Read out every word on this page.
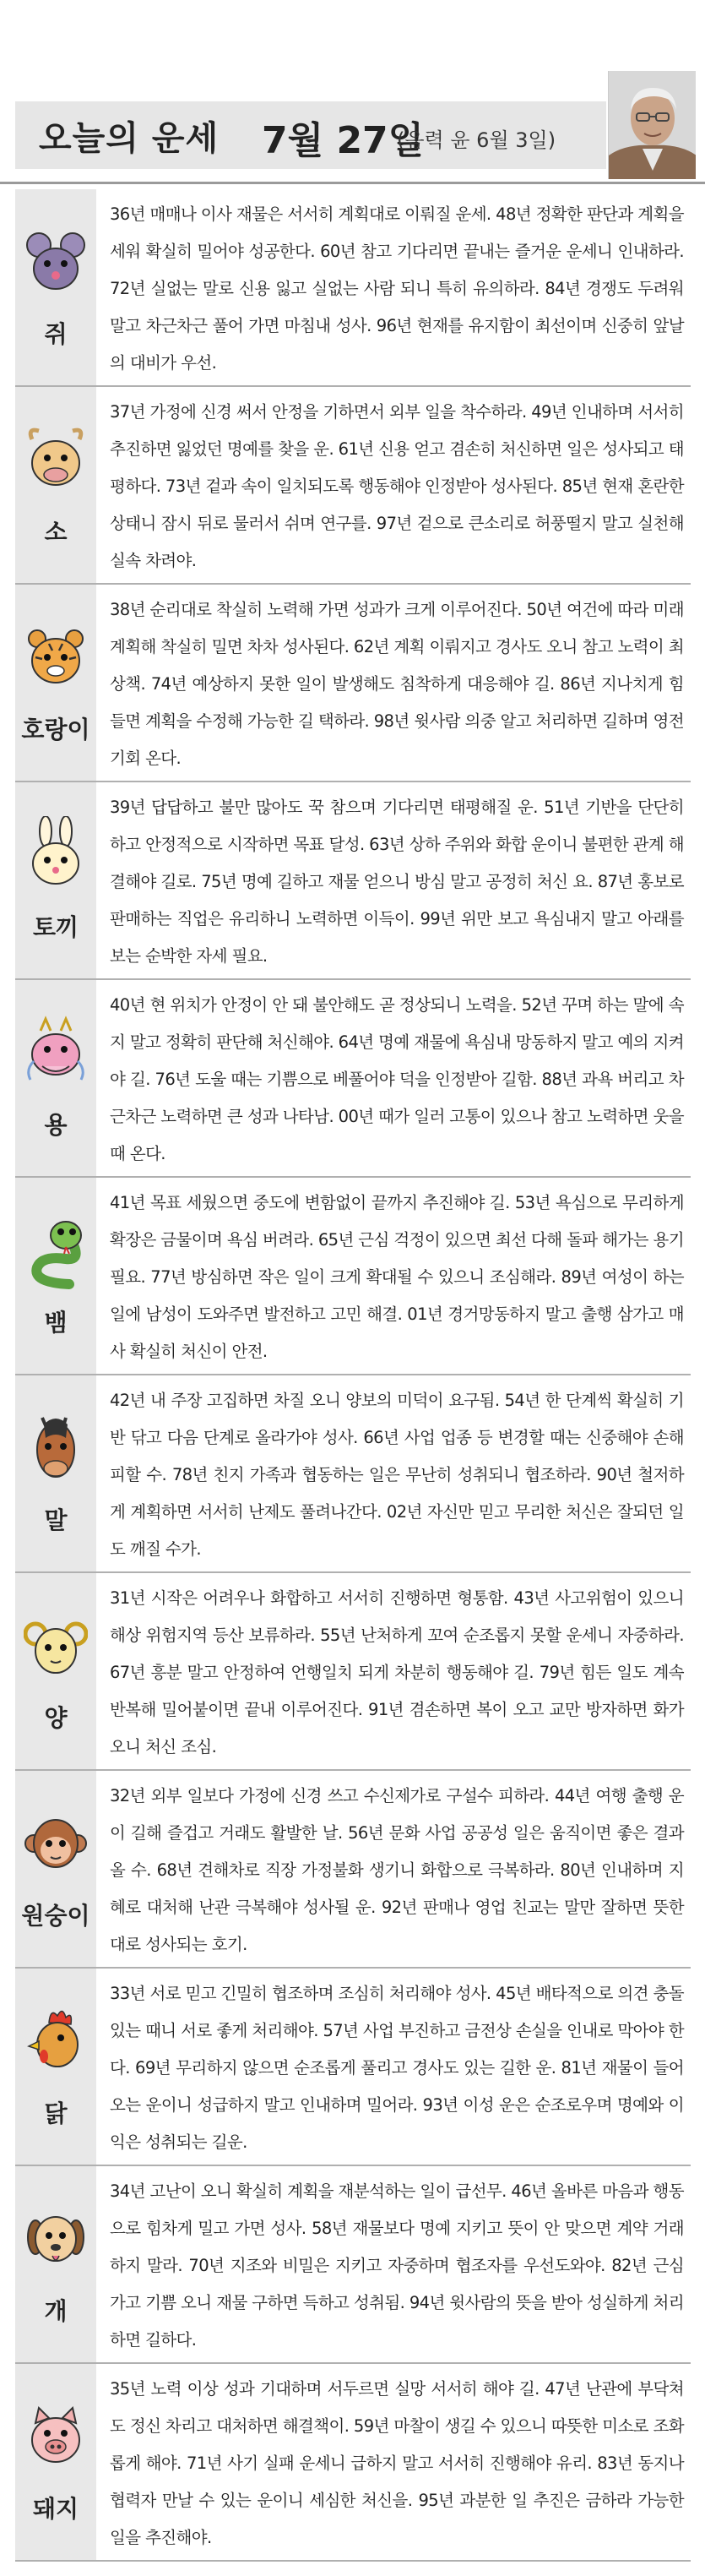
오늘의 운세 7월 27일
(음력 윤 6월 3일)
쥐
36년 매매나 이사 재물은 서서히 계획대로 이뤄질 운세. 48년 정확한 판단과 계획을 세워 확실히 밀어야 성공한다. 60년 참고 기다리면 끝내는 즐거운 운세니 인내하라. 72년 실없는 말로 신용 잃고 실없는 사람 되니 특히 유의하라. 84년 경쟁도 두려워 말고 차근차근 풀어 가면 마침내 성사. 96년 현재를 유지함이 최선이며 신중히 앞날의 대비가 우선.
소
37년 가정에 신경 써서 안정을 기하면서 외부 일을 착수하라. 49년 인내하며 서서히 추진하면 잃었던 명예를 찾을 운. 61년 신용 얻고 겸손히 처신하면 일은 성사되고 태평하다. 73년 겉과 속이 일치되도록 행동해야 인정받아 성사된다. 85년 현재 혼란한 상태니 잠시 뒤로 물러서 쉬며 연구를. 97년 겉으로 큰소리로 허풍떨지 말고 실천해 실속 차려야.
호랑이
38년 순리대로 착실히 노력해 가면 성과가 크게 이루어진다. 50년 여건에 따라 미래 계획해 착실히 밀면 차차 성사된다. 62년 계획 이뤄지고 경사도 오니 참고 노력이 최상책. 74년 예상하지 못한 일이 발생해도 침착하게 대응해야 길. 86년 지나치게 힘들면 계획을 수정해 가능한 길 택하라. 98년 윗사람 의중 알고 처리하면 길하며 영전 기회 온다.
토끼
39년 답답하고 불만 많아도 꾹 참으며 기다리면 태평해질 운. 51년 기반을 단단히 하고 안정적으로 시작하면 목표 달성. 63년 상하 주위와 화합 운이니 불편한 관계 해결해야 길로. 75년 명예 길하고 재물 얻으니 방심 말고 공정히 처신 요. 87년 홍보로 판매하는 직업은 유리하니 노력하면 이득이. 99년 위만 보고 욕심내지 말고 아래를 보는 순박한 자세 필요.
용
40년 현 위치가 안정이 안 돼 불안해도 곧 정상되니 노력을. 52년 꾸며 하는 말에 속지 말고 정확히 판단해 처신해야. 64년 명예 재물에 욕심내 망동하지 말고 예의 지켜야 길. 76년 도울 때는 기쁨으로 베풀어야 덕을 인정받아 길함. 88년 과욕 버리고 차근차근 노력하면 큰 성과 나타남. 00년 때가 일러 고통이 있으나 참고 노력하면 웃을 때 온다.
뱀
41년 목표 세웠으면 중도에 변함없이 끝까지 추진해야 길. 53년 욕심으로 무리하게 확장은 금물이며 욕심 버려라. 65년 근심 걱정이 있으면 최선 다해 돌파 해가는 용기 필요. 77년 방심하면 작은 일이 크게 확대될 수 있으니 조심해라. 89년 여성이 하는 일에 남성이 도와주면 발전하고 고민 해결. 01년 경거망동하지 말고 출행 삼가고 매사 확실히 처신이 안전.
말
42년 내 주장 고집하면 차질 오니 양보의 미덕이 요구됨. 54년 한 단계씩 확실히 기반 닦고 다음 단계로 올라가야 성사. 66년 사업 업종 등 변경할 때는 신중해야 손해 피할 수. 78년 친지 가족과 협동하는 일은 무난히 성취되니 협조하라. 90년 철저하게 계획하면 서서히 난제도 풀려나간다. 02년 자신만 믿고 무리한 처신은 잘되던 일도 깨질 수가.
양
31년 시작은 어려우나 화합하고 서서히 진행하면 형통함. 43년 사고위험이 있으니 해상 위험지역 등산 보류하라. 55년 난처하게 꼬여 순조롭지 못할 운세니 자중하라. 67년 흥분 말고 안정하여 언행일치 되게 차분히 행동해야 길. 79년 힘든 일도 계속 반복해 밀어붙이면 끝내 이루어진다. 91년 겸손하면 복이 오고 교만 방자하면 화가 오니 처신 조심.
원숭이
32년 외부 일보다 가정에 신경 쓰고 수신제가로 구설수 피하라. 44년 여행 출행 운이 길해 즐겁고 거래도 활발한 날. 56년 문화 사업 공공성 일은 움직이면 좋은 결과 올 수. 68년 견해차로 직장 가정불화 생기니 화합으로 극복하라. 80년 인내하며 지혜로 대처해 난관 극복해야 성사될 운. 92년 판매나 영업 친교는 말만 잘하면 뜻한 대로 성사되는 호기.
닭
33년 서로 믿고 긴밀히 협조하며 조심히 처리해야 성사. 45년 배타적으로 의견 충돌 있는 때니 서로 좋게 처리해야. 57년 사업 부진하고 금전상 손실을 인내로 막아야 한다. 69년 무리하지 않으면 순조롭게 풀리고 경사도 있는 길한 운. 81년 재물이 들어오는 운이니 성급하지 말고 인내하며 밀어라. 93년 이성 운은 순조로우며 명예와 이익은 성취되는 길운.
개
34년 고난이 오니 확실히 계획을 재분석하는 일이 급선무. 46년 올바른 마음과 행동으로 힘차게 밀고 가면 성사. 58년 재물보다 명예 지키고 뜻이 안 맞으면 계약 거래하지 말라. 70년 지조와 비밀은 지키고 자중하며 협조자를 우선도와야. 82년 근심 가고 기쁨 오니 재물 구하면 득하고 성취됨. 94년 윗사람의 뜻을 받아 성실하게 처리하면 길하다.
돼지
35년 노력 이상 성과 기대하며 서두르면 실망 서서히 해야 길. 47년 난관에 부닥쳐도 정신 차리고 대처하면 해결책이. 59년 마찰이 생길 수 있으니 따뜻한 미소로 조화롭게 해야. 71년 사기 실패 운세니 급하지 말고 서서히 진행해야 유리. 83년 동지나 협력자 만날 수 있는 운이니 세심한 처신을. 95년 과분한 일 추진은 금하라 가능한 일을 추진해야.
